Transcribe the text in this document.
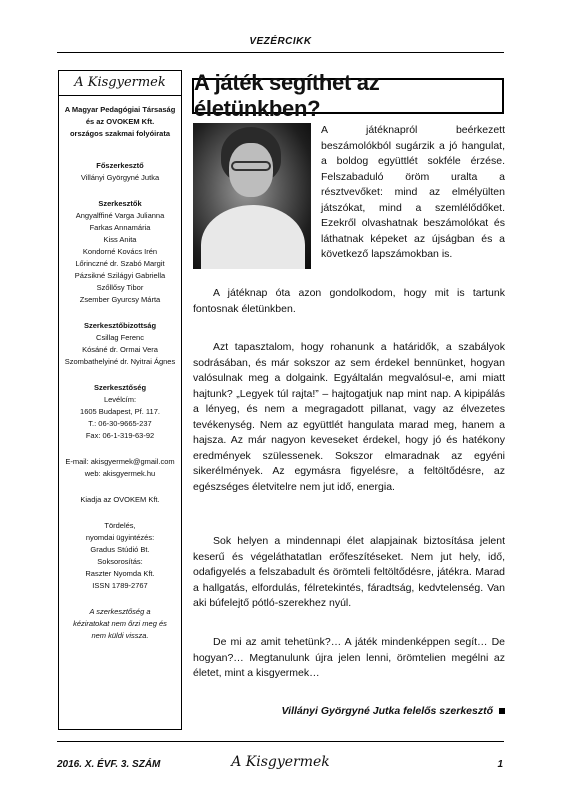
VEZÉRCIKK
A Kisgyermek
A Magyar Pedagógiai Társaság
és az OVOKEM Kft.
országos szakmai folyóirata
Főszerkesztő
Villányi Györgyné Jutka
Szerkesztők
Angyalffiné Varga Julianna
Farkas Annamária
Kiss Anita
Kondorné Kovács Irén
Lőrinczné dr. Szabó Margit
Pázsikné Szilágyi Gabriella
Szőllősy Tibor
Zsember Gyurcsy Márta
Szerkesztőbizottság
Csillag Ferenc
Kósáné dr. Ormai Vera
Szombathelyiné dr. Nyitrai Ágnes
Szerkesztőség
Levélcím:
1605 Budapest, Pf. 117.
T.: 06-30-9665-237
Fax: 06-1-319-63-92
E-mail: akisgyermek@gmail.com
web: akisgyermek.hu
Kiadja az OVOKEM Kft.
Tördelés,
nyomdai ügyintézés:
Gradus Stúdió Bt.
Soksorosítás:
Raszter Nyomda Kft.
ISSN 1789-2767
A szerkesztőség a
kéziratokat nem őrzi meg és
nem küldi vissza.
A játék segíthet az életünkben?
A játéknapról beérkezett beszámolókból sugárzik a jó hangulat, a boldog együttlét sokféle érzése. Felszabaduló öröm uralta a résztvevőket: mind az elmélyülten játszókat, mind a szemlélődőket. Ezekről olvashatnak beszámolókat és láthatnak képeket az újságban és a következő lapszámokban is.

A játéknap óta azon gondolkodom, hogy mit is tartunk fontosnak életünkben.

Azt tapasztalom, hogy rohanunk a határidők, a szabályok sodrásában, és már sokszor az sem érdekel bennünket, hogyan valósulnak meg a dolgaink. Egyáltalán megvalósul-e, ami miatt hajtunk? „Legyek túl rajta!” – hajtogatjuk nap mint nap. A kipipálás a lényeg, és nem a megragadott pillanat, vagy az élvezetes tevékenység. Nem az együttlét hangulata marad meg, hanem a hajsza. Az már nagyon keveseket érdekel, hogy jó és hatékony eredmények szülessenek. Sokszor elmaradnak az egyéni sikerélmények. Az egymásra figyelésre, a feltöltődésre, az egészséges életvitelre nem jut idő, energia.

Sok helyen a mindennapi élet alapjainak biztosítása jelent keserű és végeláthatatlan erőfeszítéseket. Nem jut hely, idő, odafigyelés a felszabadult és örömteli feltöltődésre, játékra. Marad a hallgatás, elfordulás, félretekintés, fáradtság, kedvtelenség. Van aki búfelejtő pótló-szerekhez nyúl.

De mi az amit tehetünk?… A játék mindenképpen segít… De hogyan?… Megtanulunk újra jelen lenni, örömtelien megélni az életet, mint a kisgyermek…

Villányi Györgyné Jutka felelős szerkesztő
2016. X. ÉVF. 3. SZÁM	A Kisgyermek	1
